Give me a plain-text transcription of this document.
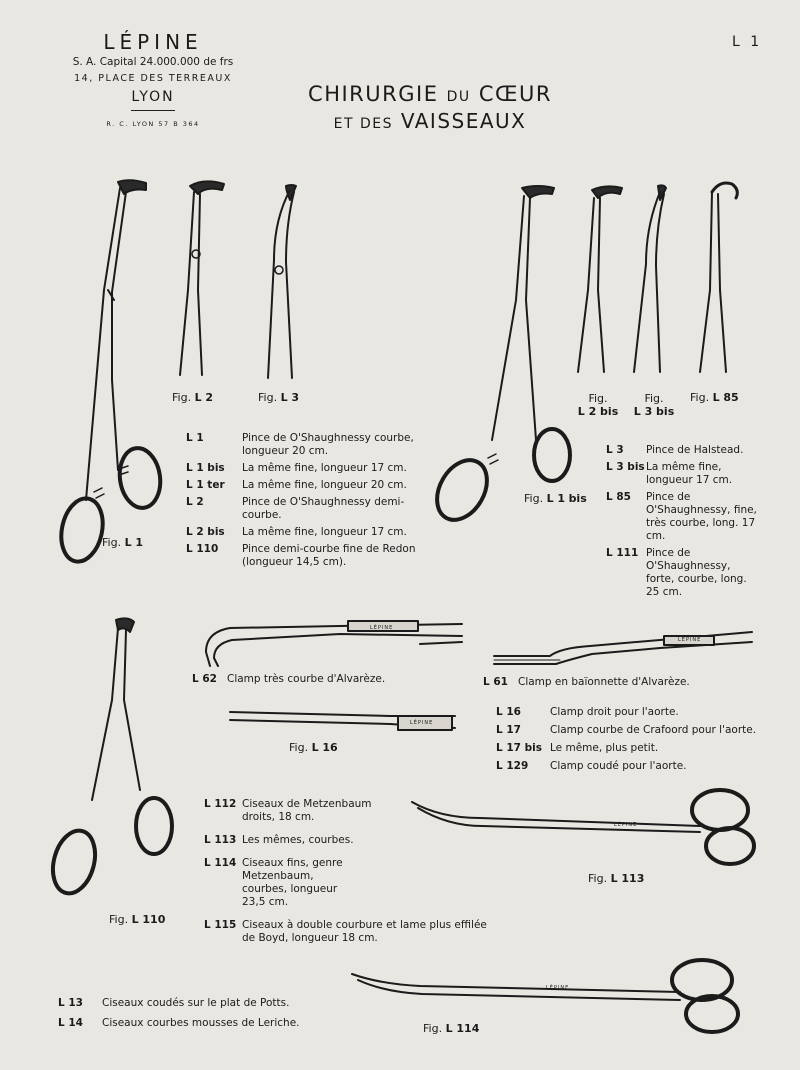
LÉPINE
S. A. Capital 24.000.000 de frs
14, PLACE DES TERREAUX
LYON
R. C. LYON 57 B 364
L 1
CHIRURGIE DU CŒUR
ET DES VAISSEAUX
LÉPINE
LÉPINE
LÉPINE
LÉPINE
LÉPINE
Fig. L 1
Fig. L 2	Fig. L 3
Fig. L 1 bis
Fig.
L 2 bis
Fig.
L 3 bis
Fig. L 85
Fig. L 16
Fig. L 110
Fig. L 113
Fig. L 114
L 1	Pince de O'Shaughnessy courbe, longueur 20 cm.
L 1 bis	La même fine, longueur 17 cm.
L 1 ter	La même fine, longueur 20 cm.
L 2	Pince de O'Shaughnessy demi-courbe.
L 2 bis	La même fine, longueur 17 cm.
L 110	Pince demi-courbe fine de Redon (longueur 14,5 cm).
L 3	Pince de Halstead.
L 3 bis La même fine, longueur 17 cm.
L 85	Pince de O'Shaughnessy, fine, très courbe, long. 17 cm.
L 111 Pince de O'Shaughnessy, forte, courbe, long. 25 cm.
L 62 Clamp très courbe d'Alvarèze.	L 61 Clamp en baïonnette d'Alvarèze.
L 16	Clamp droit pour l'aorte.
L 17	Clamp courbe de Crafoord pour l'aorte.
L 17 bis Le même, plus petit.
L 129 Clamp coudé pour l'aorte.
L 112 Ciseaux de Metzenbaum droits, 18 cm.
L 113 Les mêmes, courbes.
L 114 Ciseaux fins, genre Metzenbaum, courbes, longueur 23,5 cm.
L 115 Ciseaux à double courbure et lame plus effilée de Boyd, longueur 18 cm.
L 13 Ciseaux coudés sur le plat de Potts.
L 14 Ciseaux courbes mousses de Leriche.
